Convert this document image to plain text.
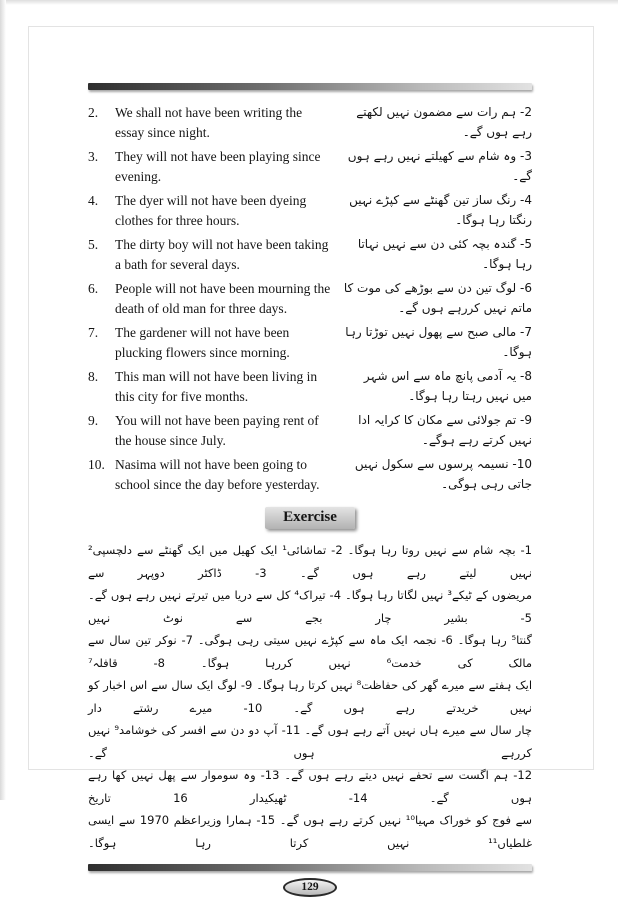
2.	We shall not have been writing the essay since night.
2- ہم رات سے مضمون نہیں لکھتے رہے ہوں گے۔
3.	They will not have been playing since evening.
3- وہ شام سے کھیلتے نہیں رہے ہوں گے۔
4.	The dyer will not have been dyeing clothes for three hours.
4- رنگ ساز تین گھنٹے سے کپڑے نہیں رنگتا رہا ہوگا۔
5.	The dirty boy will not have been taking a bath for several days.
5- گندہ بچہ کئی دن سے نہیں نہاتا رہا ہوگا۔
6.	People will not have been mourning the death of old man for three days.
6- لوگ تین دن سے بوڑھے کی موت کا ماتم نہیں کررہے ہوں گے۔
7.	The gardener will not have been plucking flowers since morning.
7- مالی صبح سے پھول نہیں توڑتا رہا ہوگا۔
8.	This man will not have been living in this city for five months.
8- یہ آدمی پانچ ماہ سے اس شہر میں نہیں رہتا رہا ہوگا۔
9.	You will not have been paying rent of the house since July.
9- تم جولائی سے مکان کا کرایہ ادا نہیں کرتے رہے ہوگے۔
10. Nasima will not have been going to school since the day before yesterday.
10- نسیمہ پرسوں سے سکول نہیں جاتی رہی ہوگی۔
Exercise
1- بچہ شام سے نہیں روتا رہا ہوگا۔ 2- تماشائی¹ ایک کھیل میں ایک گھنٹے سے دلچسپی² نہیں لیتے رہے ہوں گے۔ 3- ڈاکٹر دوپہر سے
مریضوں کے ٹیکے³ نہیں لگاتا رہا ہوگا۔ 4- تیراک⁴ کل سے دریا میں تیرتے نہیں رہے ہوں گے۔ 5- بشیر چار بجے سے نوٹ نہیں
گنتا⁵ رہا ہوگا۔ 6- نجمہ ایک ماہ سے کپڑے نہیں سیتی رہی ہوگی۔ 7- نوکر تین سال سے مالک کی خدمت⁶ نہیں کررہا ہوگا۔ 8- قافلہ⁷
ایک ہفتے سے میرے گھر کی حفاظت⁸ نہیں کرتا رہا ہوگا۔ 9- لوگ ایک سال سے اس اخبار کو نہیں خریدتے رہے ہوں گے۔ 10- میرے رشتے دار
چار سال سے میرے ہاں نہیں آتے رہے ہوں گے۔ 11- آپ دو دن سے افسر کی خوشامد⁹ نہیں کررہے ہوں گے۔
12- ہم اگست سے تحفے نہیں دیتے رہے ہوں گے۔ 13- وہ سوموار سے پھل نہیں کھا رہے ہوں گے۔ 14- ٹھیکیدار 16 تاریخ
سے فوج کو خوراک مہیا¹⁰ نہیں کرتے رہے ہوں گے۔ 15- ہمارا وزیراعظم 1970 سے ایسی غلطیاں¹¹ نہیں کرتا رہا ہوگا۔
129
